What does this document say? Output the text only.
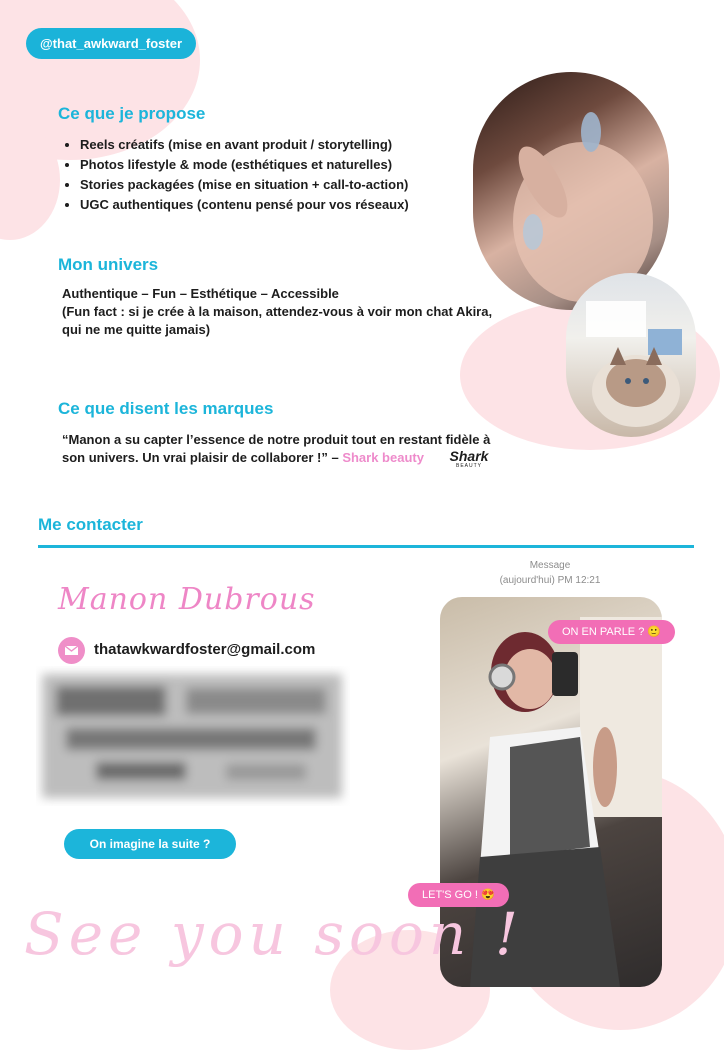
@that_awkward_foster
Ce que je propose
• Reels créatifs (mise en avant produit / storytelling)
• Photos lifestyle & mode (esthétiques et naturelles)
• Stories packagées (mise en situation + call-to-action)
• UGC authentiques (contenu pensé pour vos réseaux)
Mon univers
Authentique – Fun – Esthétique – Accessible
(Fun fact : si je crée à la maison, attendez-vous à voir mon chat Akira,
qui ne me quitte jamais)
Ce que disent les marques
“Manon a su capter l’essence de notre produit tout en restant fidèle à
son univers. Un vrai plaisir de collaborer !” – Shark beauty	Shark
BEAUTY
Me contacter
Manon Dubrous
thatawkwardfoster@gmail.com
On imagine la suite ?
Message
(aujourd'hui) PM 12:21
ON EN PARLE ? 🙂
LET'S GO ! 😍
See you soon !
